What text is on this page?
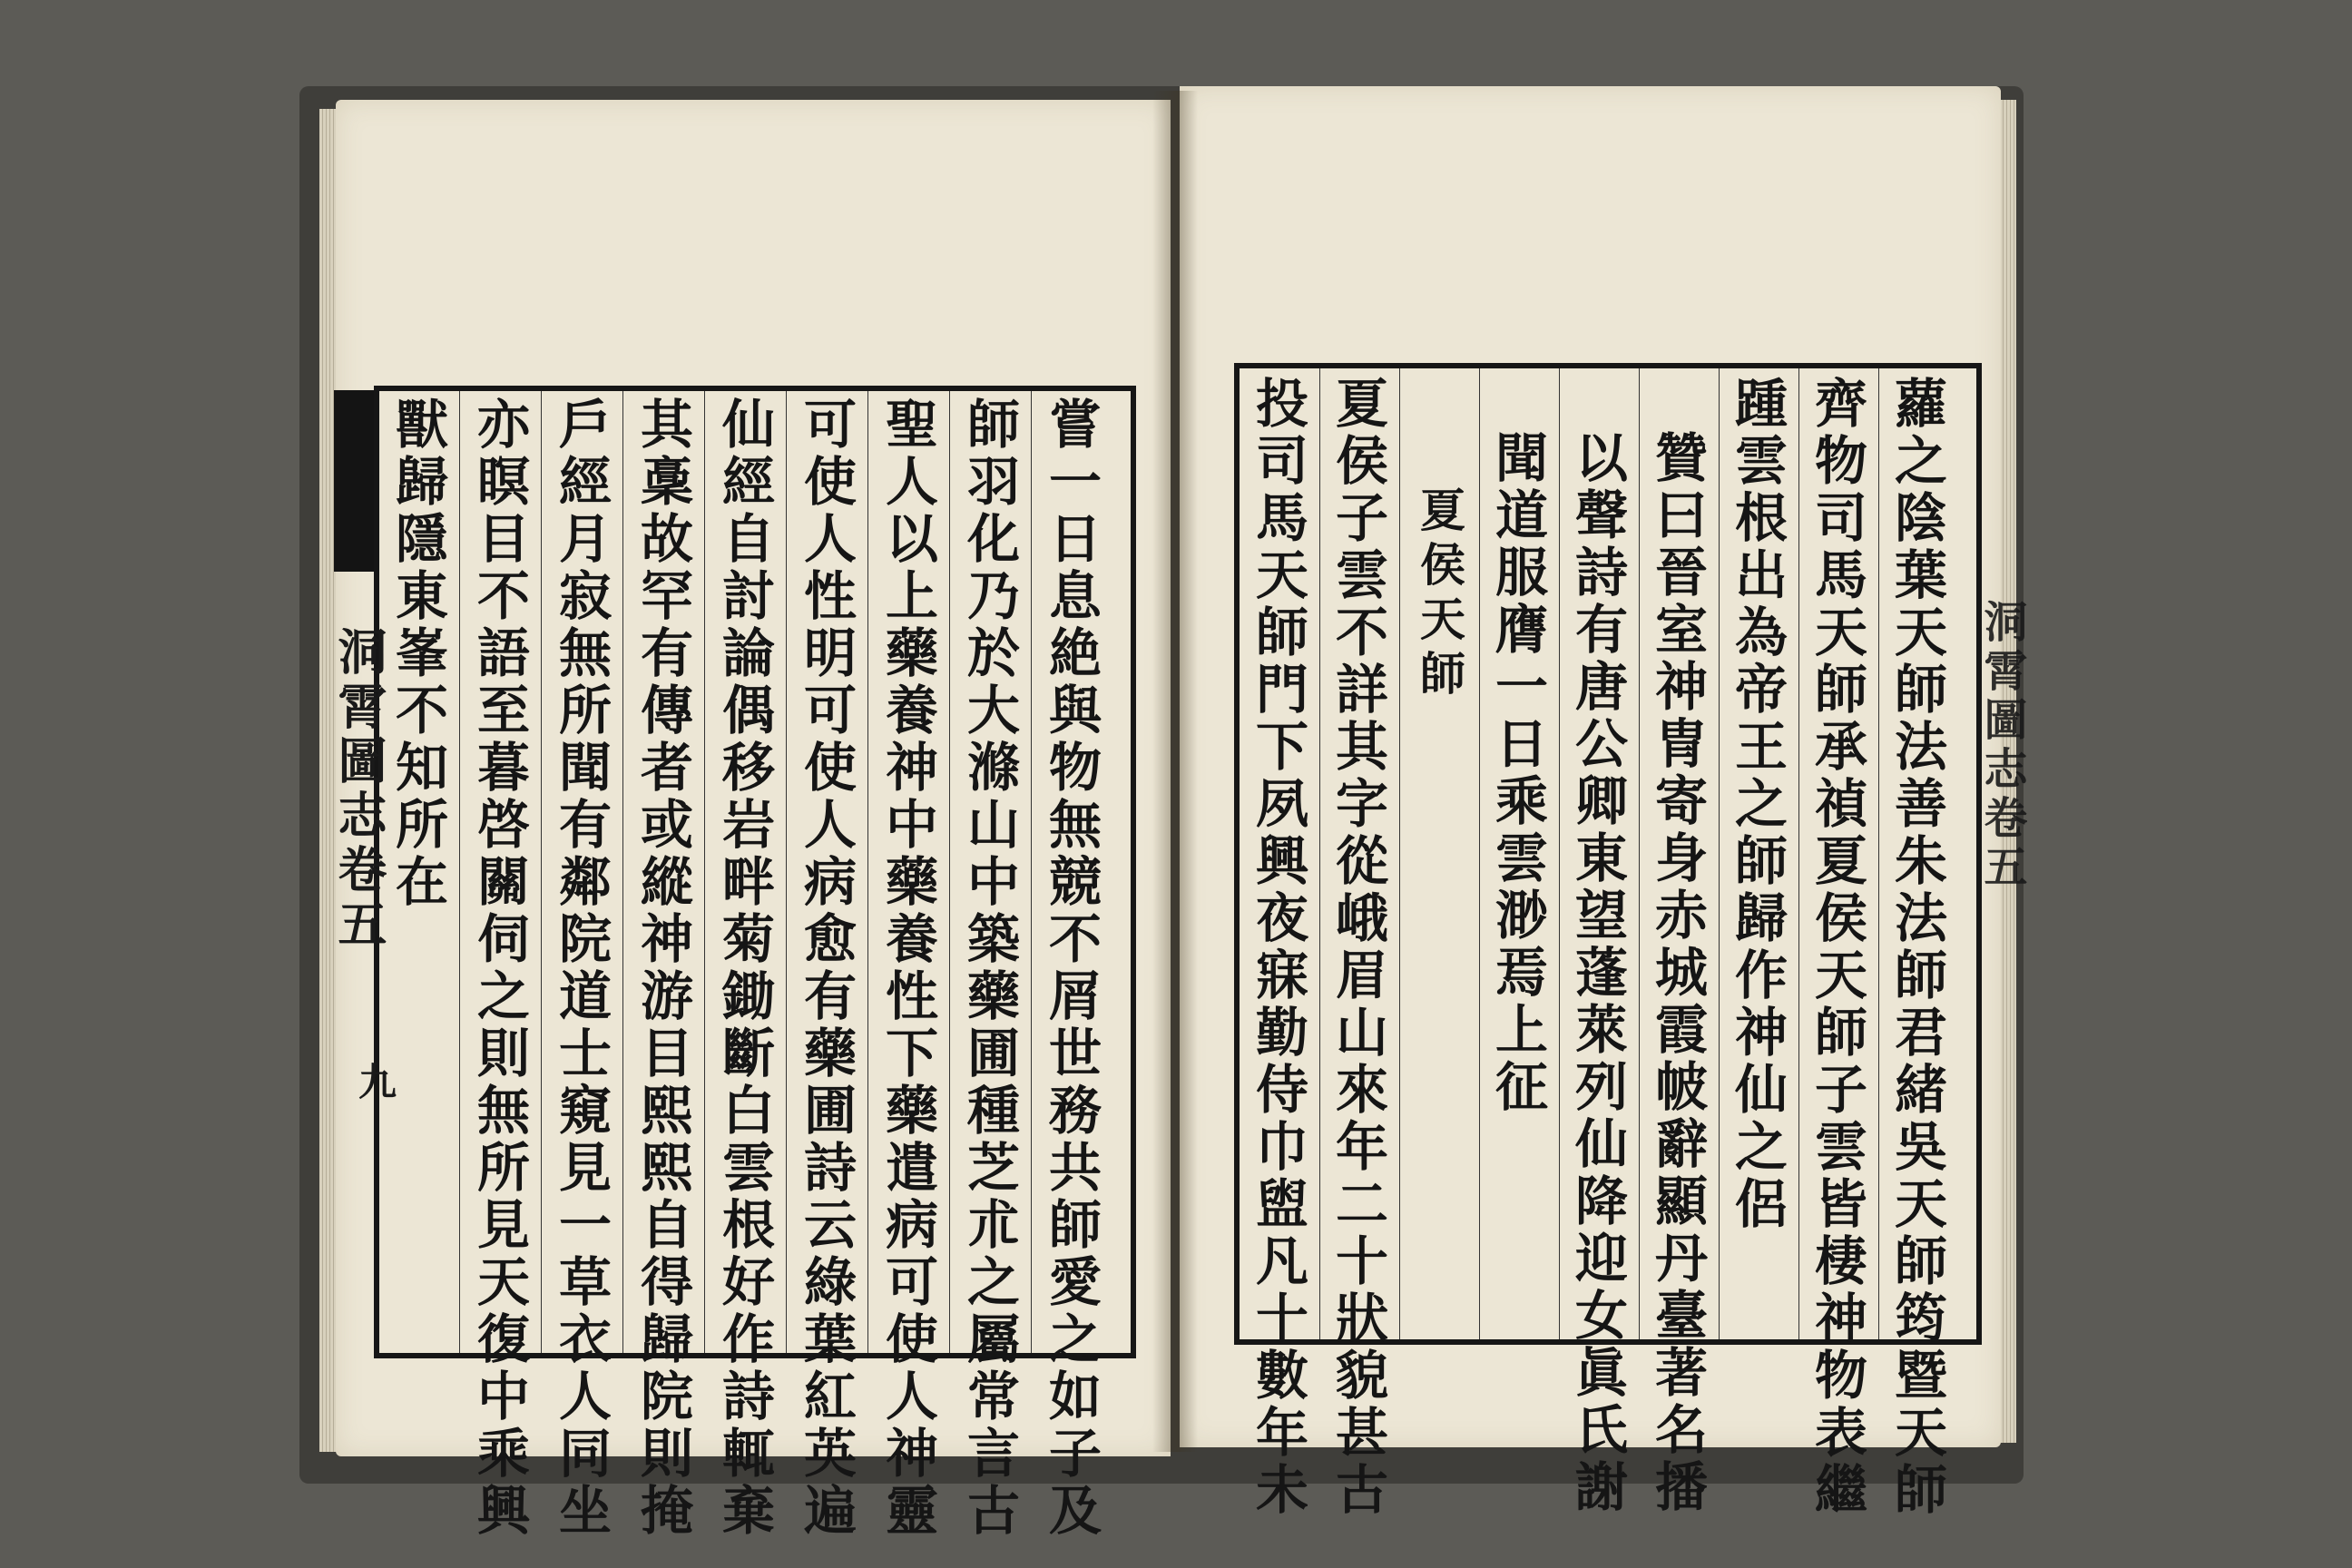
嘗一日息絶與物無競不屑世務共師愛之如子及
師羽化乃於大滌山中築藥圃種芝朮之屬常言古
聖人以上藥養神中藥養性下藥遣病可使人神靈
可使人性明可使人病愈有藥圃詩云綠葉紅英遍
仙經自討論偶移岩畔菊鋤斷白雲根好作詩輒棄
其稾故罕有傳者或縱神游目熙熙自得歸院則掩
戶經月寂無所聞有鄰院道士窺見一草衣人同坐
亦瞑目不語至暮啓關伺之則無所見天復中乘興
獸歸隱東峯不知所在
洞霄圖志卷五
九	蘿之陰葉天師法善朱法師君緒吳天師筠暨天師
齊物司馬天師承禎夏侯天師子雲皆棲神物表繼
踵雲根出為帝王之師歸作神仙之侶
贊曰晉室神冑寄身赤城霞帔辭顯丹臺著名播
以聲詩有唐公卿東望蓬萊列仙降迎女眞氏謝
聞道服膺一日乘雲渺焉上征
夏侯天師
夏侯子雲不詳其字從峨眉山來年二十狀貌甚古
投司馬天師門下夙興夜寐勤侍巾盥凡十數年未	洞霄圖志卷五
